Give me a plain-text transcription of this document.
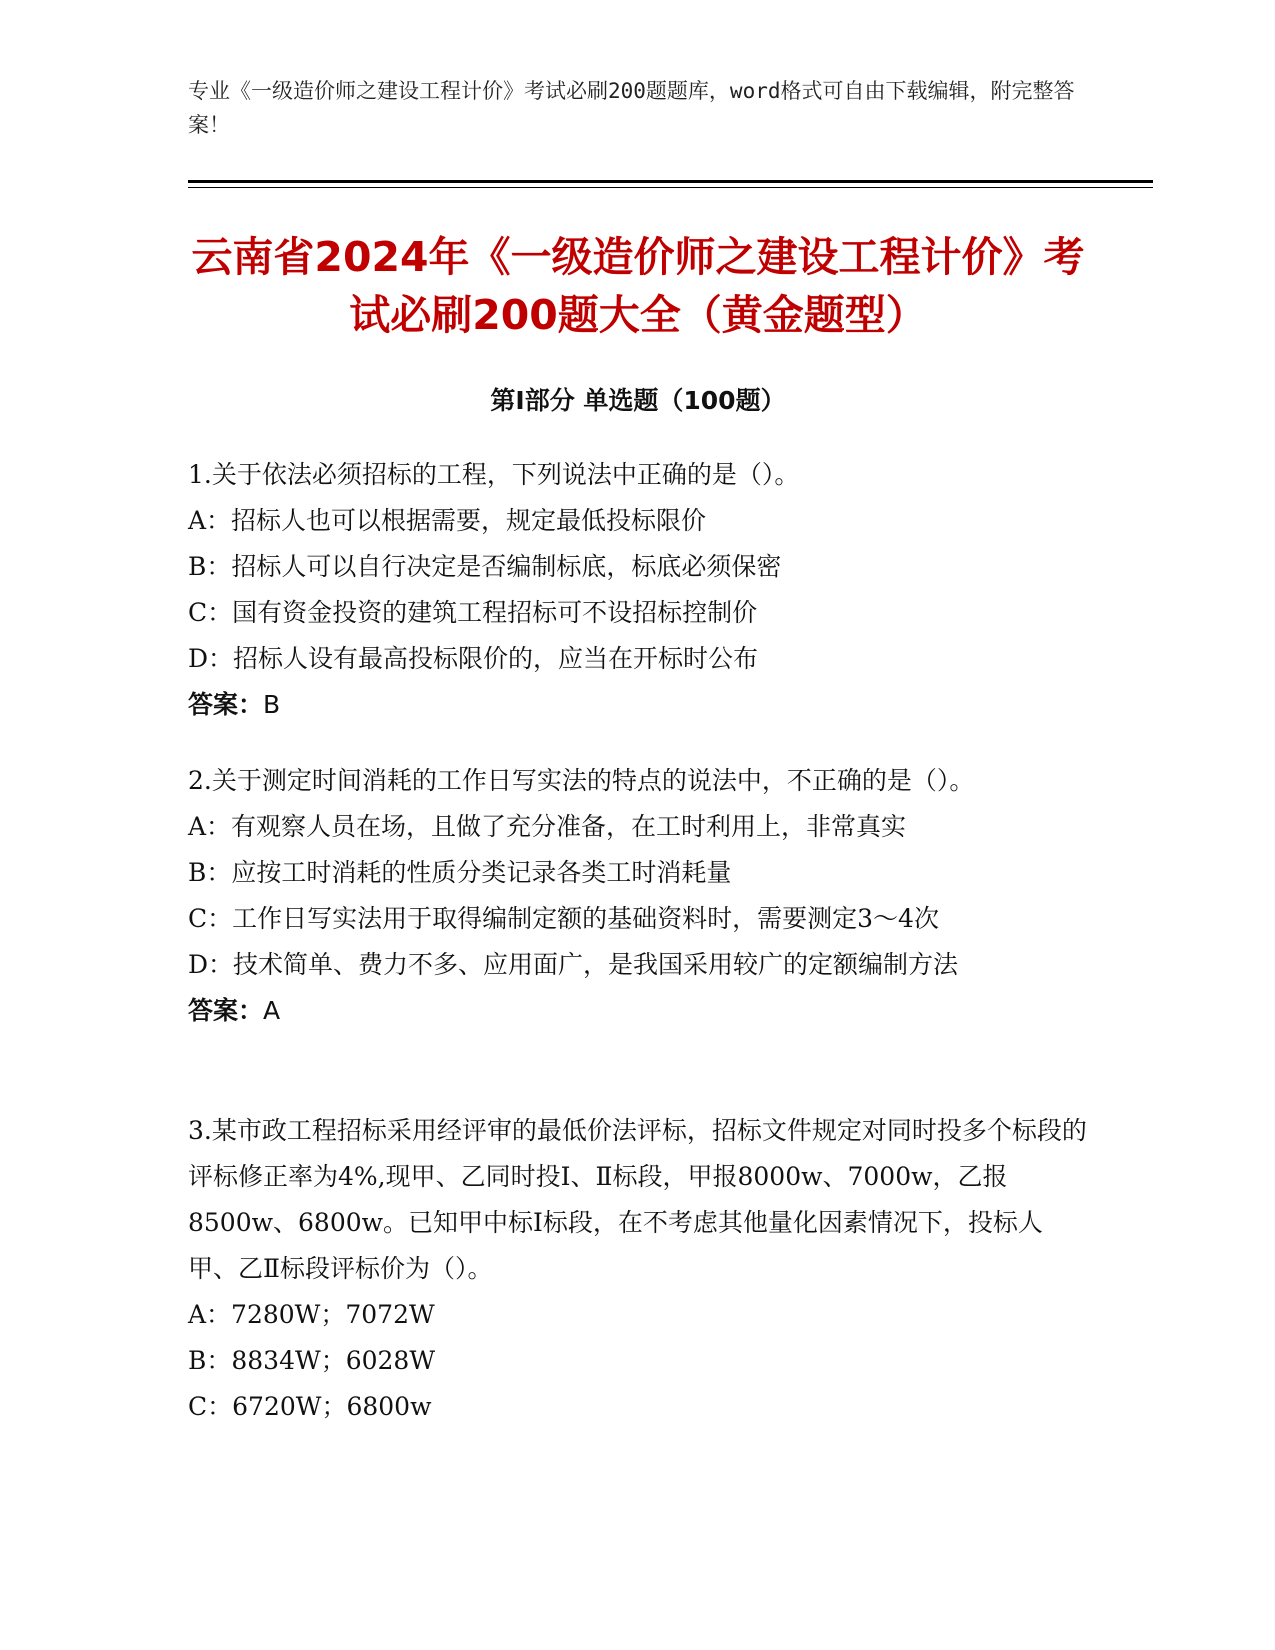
专业《一级造价师之建设工程计价》考试必刷200题题库，word格式可自由下载编辑，附完整答案！
云南省2024年《一级造价师之建设工程计价》考试必刷200题大全（黄金题型）
第I部分 单选题（100题）

1.关于依法必须招标的工程，下列说法中正确的是（）。

A：招标人也可以根据需要，规定最低投标限价

B：招标人可以自行决定是否编制标底，标底必须保密

C：国有资金投资的建筑工程招标可不设招标控制价

D：招标人设有最高投标限价的，应当在开标时公布

答案：B

2.关于测定时间消耗的工作日写实法的特点的说法中，不正确的是（）。

A：有观察人员在场，且做了充分准备，在工时利用上，非常真实

B：应按工时消耗的性质分类记录各类工时消耗量

C：工作日写实法用于取得编制定额的基础资料时，需要测定3～4次

D：技术简单、费力不多、应用面广，是我国采用较广的定额编制方法

答案：A

3.某市政工程招标采用经评审的最低价法评标，招标文件规定对同时投多个标段的评标修正率为4%,现甲、乙同时投Ⅰ、Ⅱ标段，甲报8000w、7000w，乙报8500w、6800w。已知甲中标Ⅰ标段，在不考虑其他量化因素情况下，投标人甲、乙Ⅱ标段评标价为（）。

A：7280W；7072W

B：8834W；6028W

C：6720W；6800w
